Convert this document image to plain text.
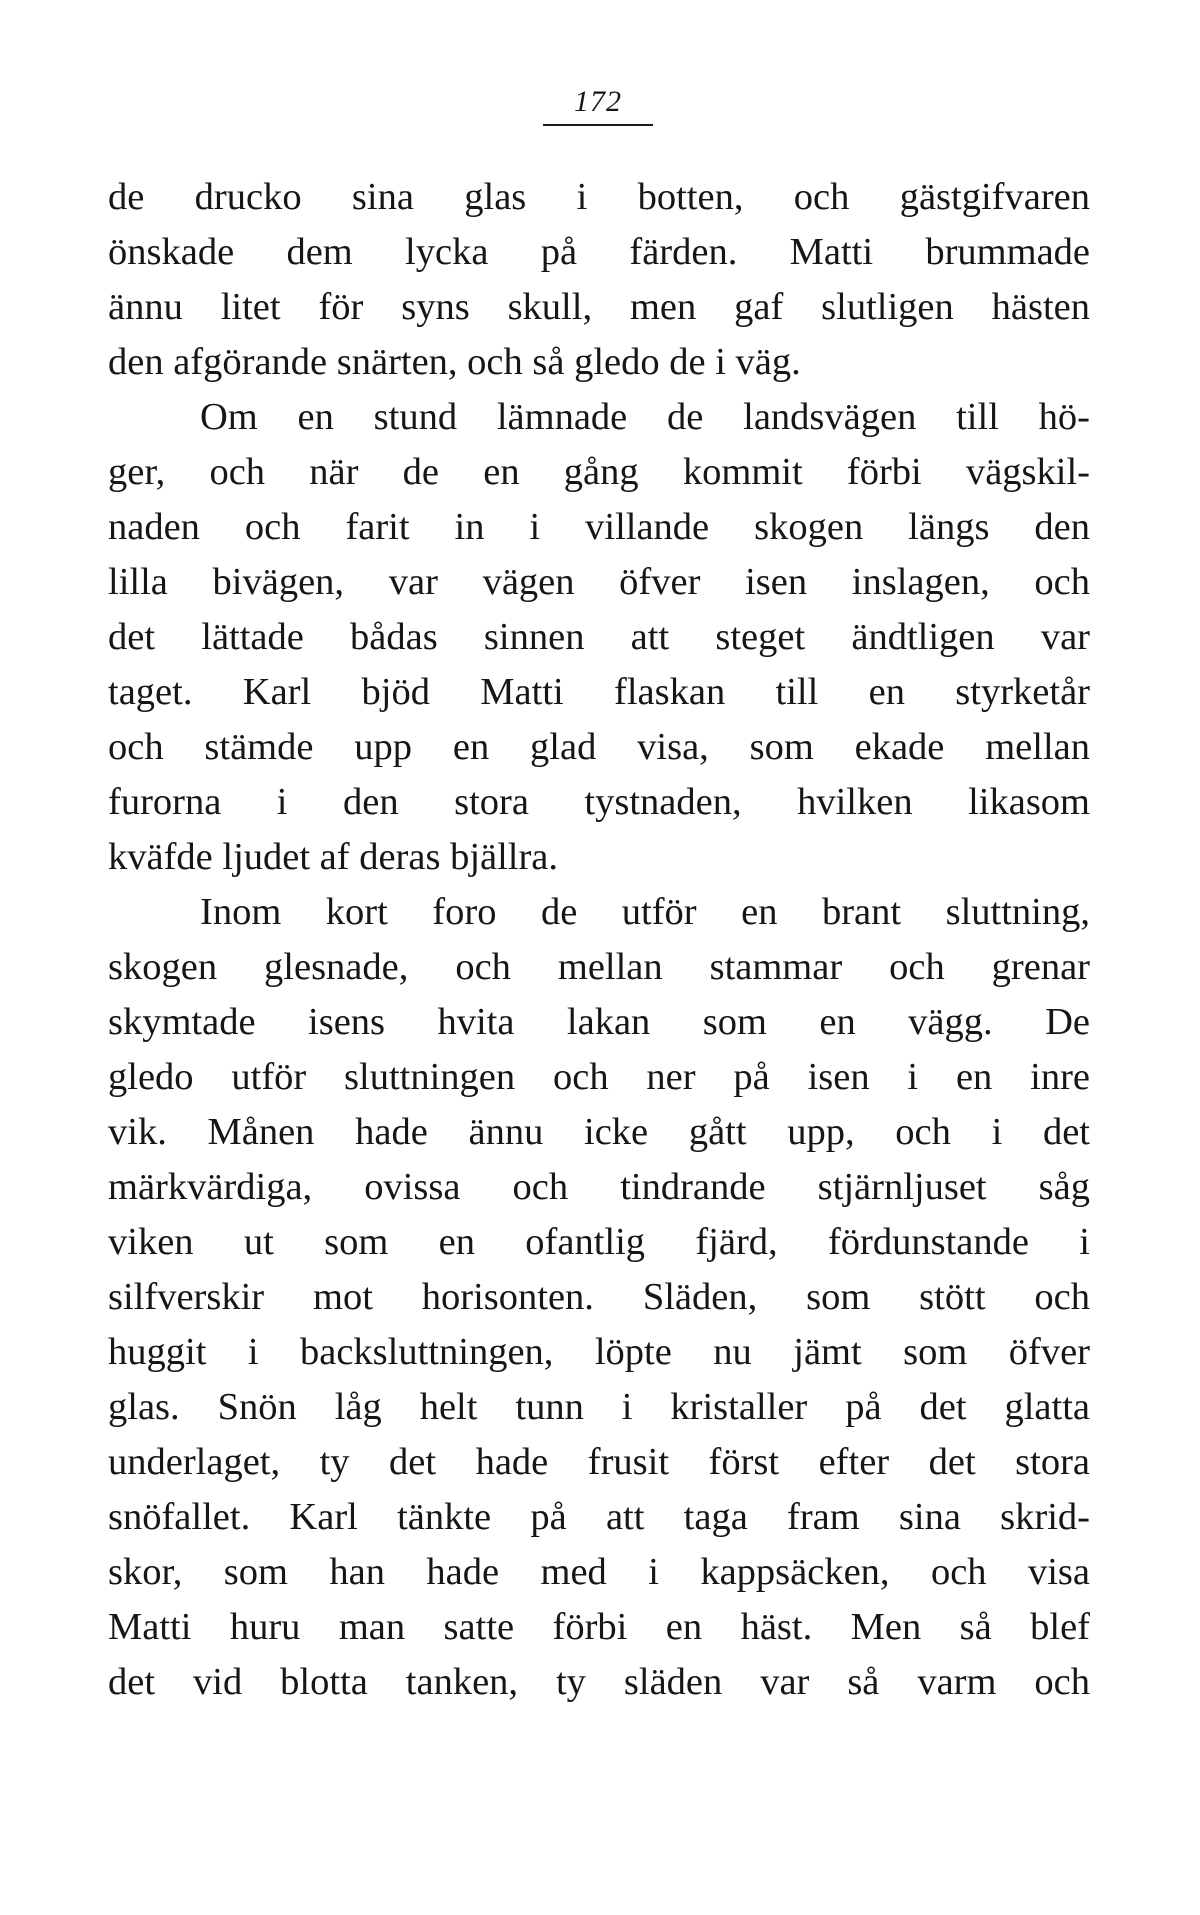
172
de drucko sina glas i botten, och gästgifvaren
önskade dem lycka på färden. Matti brummade
ännu litet för syns skull, men gaf slutligen hästen
den afgörande snärten, och så gledo de i väg.
Om en stund lämnade de landsvägen till hö-
ger, och när de en gång kommit förbi vägskil-
naden och farit in i villande skogen längs den
lilla bivägen, var vägen öfver isen inslagen, och
det lättade bådas sinnen att steget ändtligen var
taget. Karl bjöd Matti flaskan till en styrketår
och stämde upp en glad visa, som ekade mellan
furorna i den stora tystnaden, hvilken likasom
kväfde ljudet af deras bjällra.
Inom kort foro de utför en brant sluttning,
skogen glesnade, och mellan stammar och grenar
skymtade isens hvita lakan som en vägg. De
gledo utför sluttningen och ner på isen i en inre
vik. Månen hade ännu icke gått upp, och i det
märkvärdiga, ovissa och tindrande stjärnljuset såg
viken ut som en ofantlig fjärd, fördunstande i
silfverskir mot horisonten. Släden, som stött och
huggit i backsluttningen, löpte nu jämt som öfver
glas. Snön låg helt tunn i kristaller på det glatta
underlaget, ty det hade frusit först efter det stora
snöfallet. Karl tänkte på att taga fram sina skrid-
skor, som han hade med i kappsäcken, och visa
Matti huru man satte förbi en häst. Men så blef
det vid blotta tanken, ty släden var så varm och
